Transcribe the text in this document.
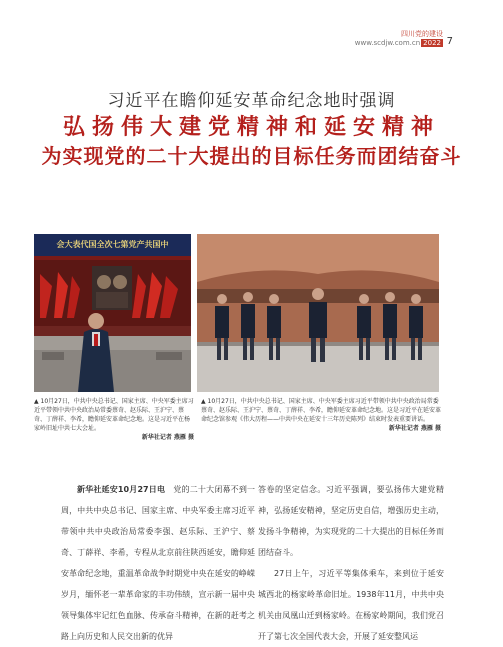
四川党的建设
www.scdjw.com.cn 2022 7
习近平在瞻仰延安革命纪念地时强调
弘扬伟大建党精神和延安精神
为实现党的二十大提出的目标任务而团结奋斗
会大表代国全次七第党产共国中
▲ 10月27日，中共中央总书记、国家主席、中央军委主席习近平带领中共中央政治局常委蔡奇、赵乐际、王沪宁、蔡奇、丁薛祥、李希，瞻仰延安革命纪念地。这是习近平在杨家岭旧址中共七大会址。
新华社记者 燕雁 摄
▲ 10月27日，中共中央总书记、国家主席、中央军委主席习近平带领中共中央政治局常委蔡奇、赵乐际、王沪宁、蔡奇、丁薛祥、李希，瞻仰延安革命纪念地。这是习近平在延安革命纪念馆参观《伟大历程——中共中央在延安十三年历史陈列》结束时发表重要讲话。
新华社记者 燕雁 摄

新华社延安10月27日电　 党的二十大闭幕不到一周，中共中央总书记、国家主席、中央军委主席习近平带领中共中央政治局常委李强、赵乐际、王沪宁、蔡奇、丁薛祥、李希，专程从北京前往陕西延安，瞻仰延安革命纪念地，重温革命战争时期党中央在延安的峥嵘岁月，缅怀老一辈革命家的丰功伟绩，宣示新一届中央领导集体牢记红色血脉、传承奋斗精神，在新的赶考之路上向历史和人民交出新的优异

答卷的坚定信念。习近平强调，要弘扬伟大建党精神，弘扬延安精神，坚定历史自信，增强历史主动，发扬斗争精神，为实现党的二十大提出的目标任务而团结奋斗。

27日上午，习近平等集体乘车，来到位于延安城西北的杨家岭革命旧址。1938年11月，中共中央机关由凤凰山迁到杨家岭。在杨家岭期间，我们党召开了第七次全国代表大会，开展了延安整风运
